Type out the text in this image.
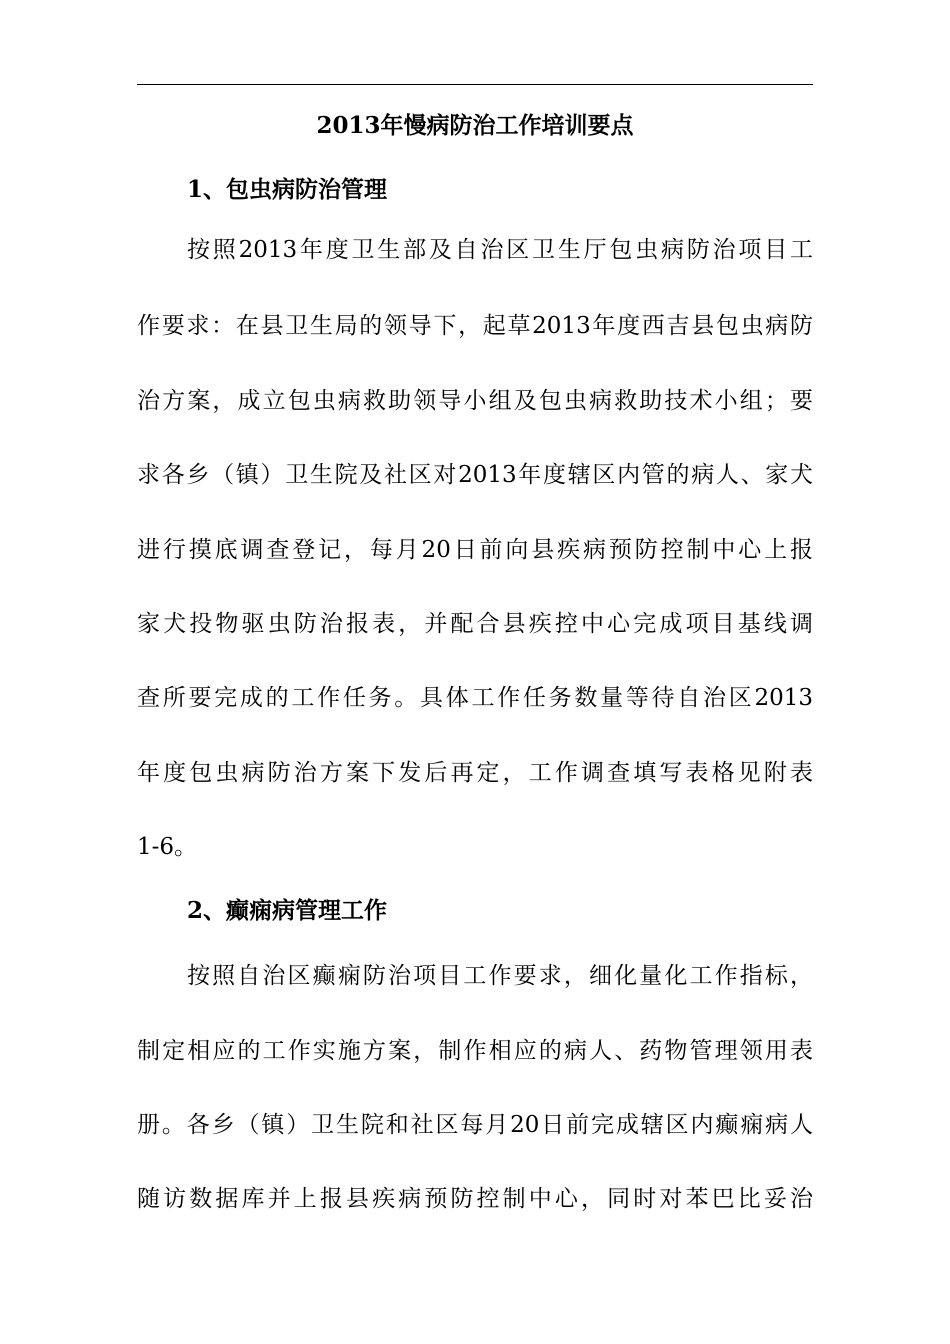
2013年慢病防治工作培训要点
1、包虫病防治管理
按照2013年度卫生部及自治区卫生厅包虫病防治项目工
作要求：在县卫生局的领导下，起草2013年度西吉县包虫病防
治方案，成立包虫病救助领导小组及包虫病救助技术小组；要
求各乡（镇）卫生院及社区对2013年度辖区内管的病人、家犬
进行摸底调查登记，每月20日前向县疾病预防控制中心上报
家犬投物驱虫防治报表，并配合县疾控中心完成项目基线调
查所要完成的工作任务。具体工作任务数量等待自治区2013
年度包虫病防治方案下发后再定，工作调查填写表格见附表
1-6。
2、癫痫病管理工作
按照自治区癫痫防治项目工作要求，细化量化工作指标，
制定相应的工作实施方案，制作相应的病人、药物管理领用表
册。各乡（镇）卫生院和社区每月20日前完成辖区内癫痫病人
随访数据库并上报县疾病预防控制中心，同时对苯巴比妥治
